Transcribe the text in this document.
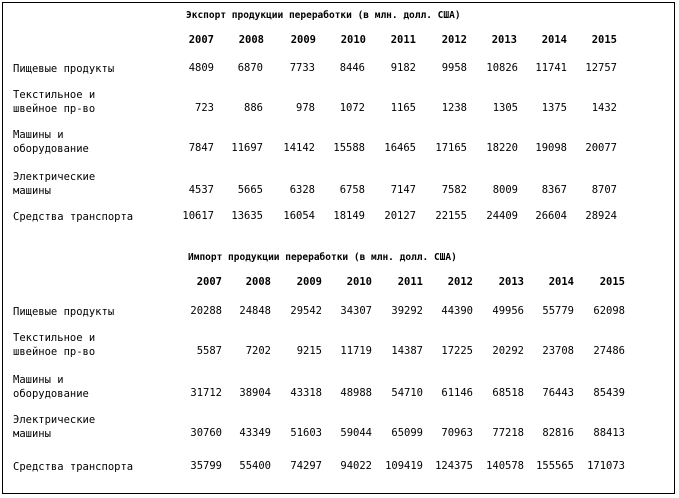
Экспорт продукции переработки (в млн. долл. США)
2007	2008	2009	2010	2011	2012	2013	2014	2015
Пищевые продукты	4809	6870	7733	8446	9182	9958	10826	11741	12757
Текстильное и
швейное пр-во	723	886	978	1072	1165	1238	1305	1375	1432
Машины и
оборудование	7847	11697	14142	15588	16465	17165	18220	19098	20077
Электрические
машины	4537	5665	6328	6758	7147	7582	8009	8367	8707
Средства транспорта	10617	13635	16054	18149	20127	22155	24409	26604	28924
Импорт продукции переработки (в млн. долл. США)
2007	2008	2009	2010	2011	2012	2013	2014	2015
Пищевые продукты	20288	24848	29542	34307	39292	44390	49956	55779	62098
Текстильное и
швейное пр-во	5587	7202	9215	11719	14387	17225	20292	23708	27486
Машины и
оборудование	31712	38904	43318	48988	54710	61146	68518	76443	85439
Электрические
машины	30760	43349	51603	59044	65099	70963	77218	82816	88413
Средства транспорта	35799	55400	74297	94022	109419	124375	140578	155565	171073
